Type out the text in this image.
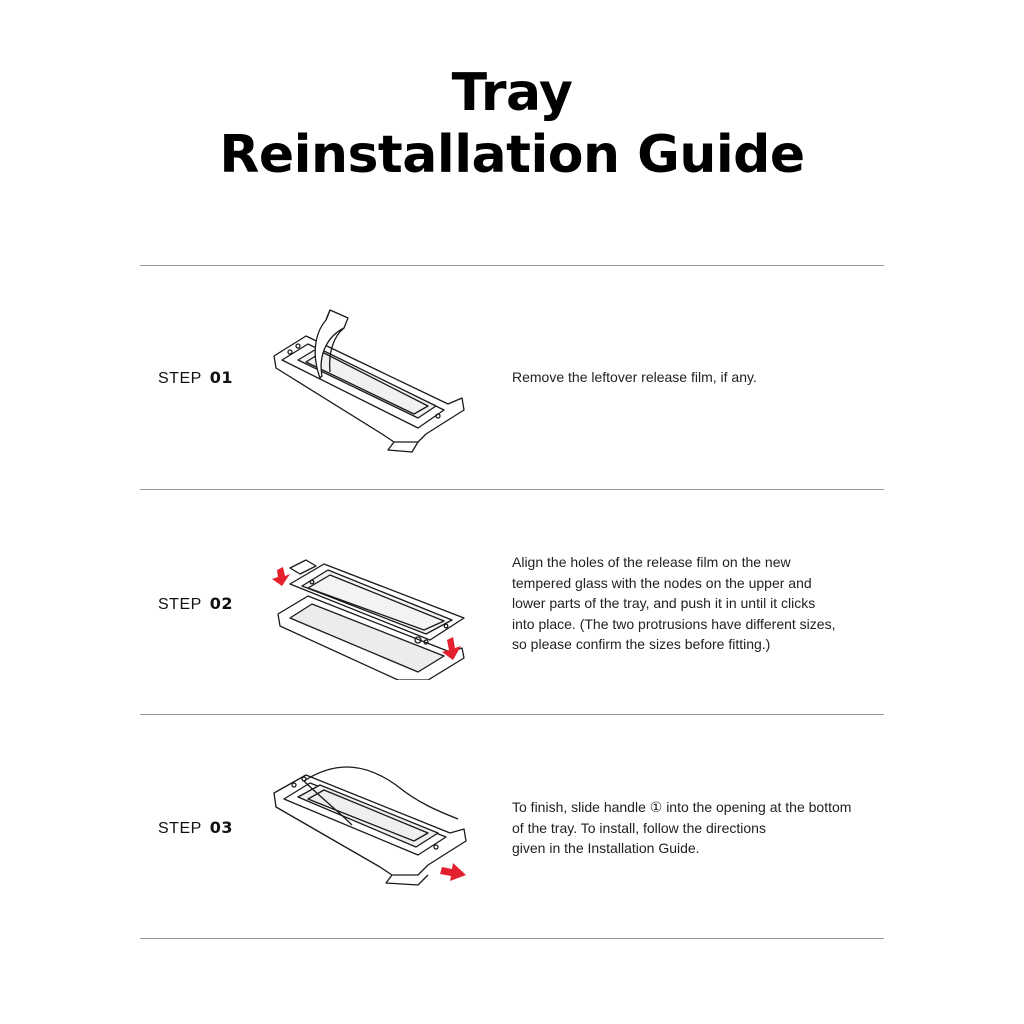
Tray
Reinstallation Guide
STEP 01	Remove the leftover release film, if any.
STEP 02
Align the holes of the release film on the new
tempered glass with the nodes on the upper and
lower parts of the tray, and push it in until it clicks
into place. (The two protrusions have different sizes,
so please confirm the sizes before fitting.)
STEP 03
To finish, slide handle ① into the opening at the bottom
of the tray. To install, follow the directions
given in the Installation Guide.
